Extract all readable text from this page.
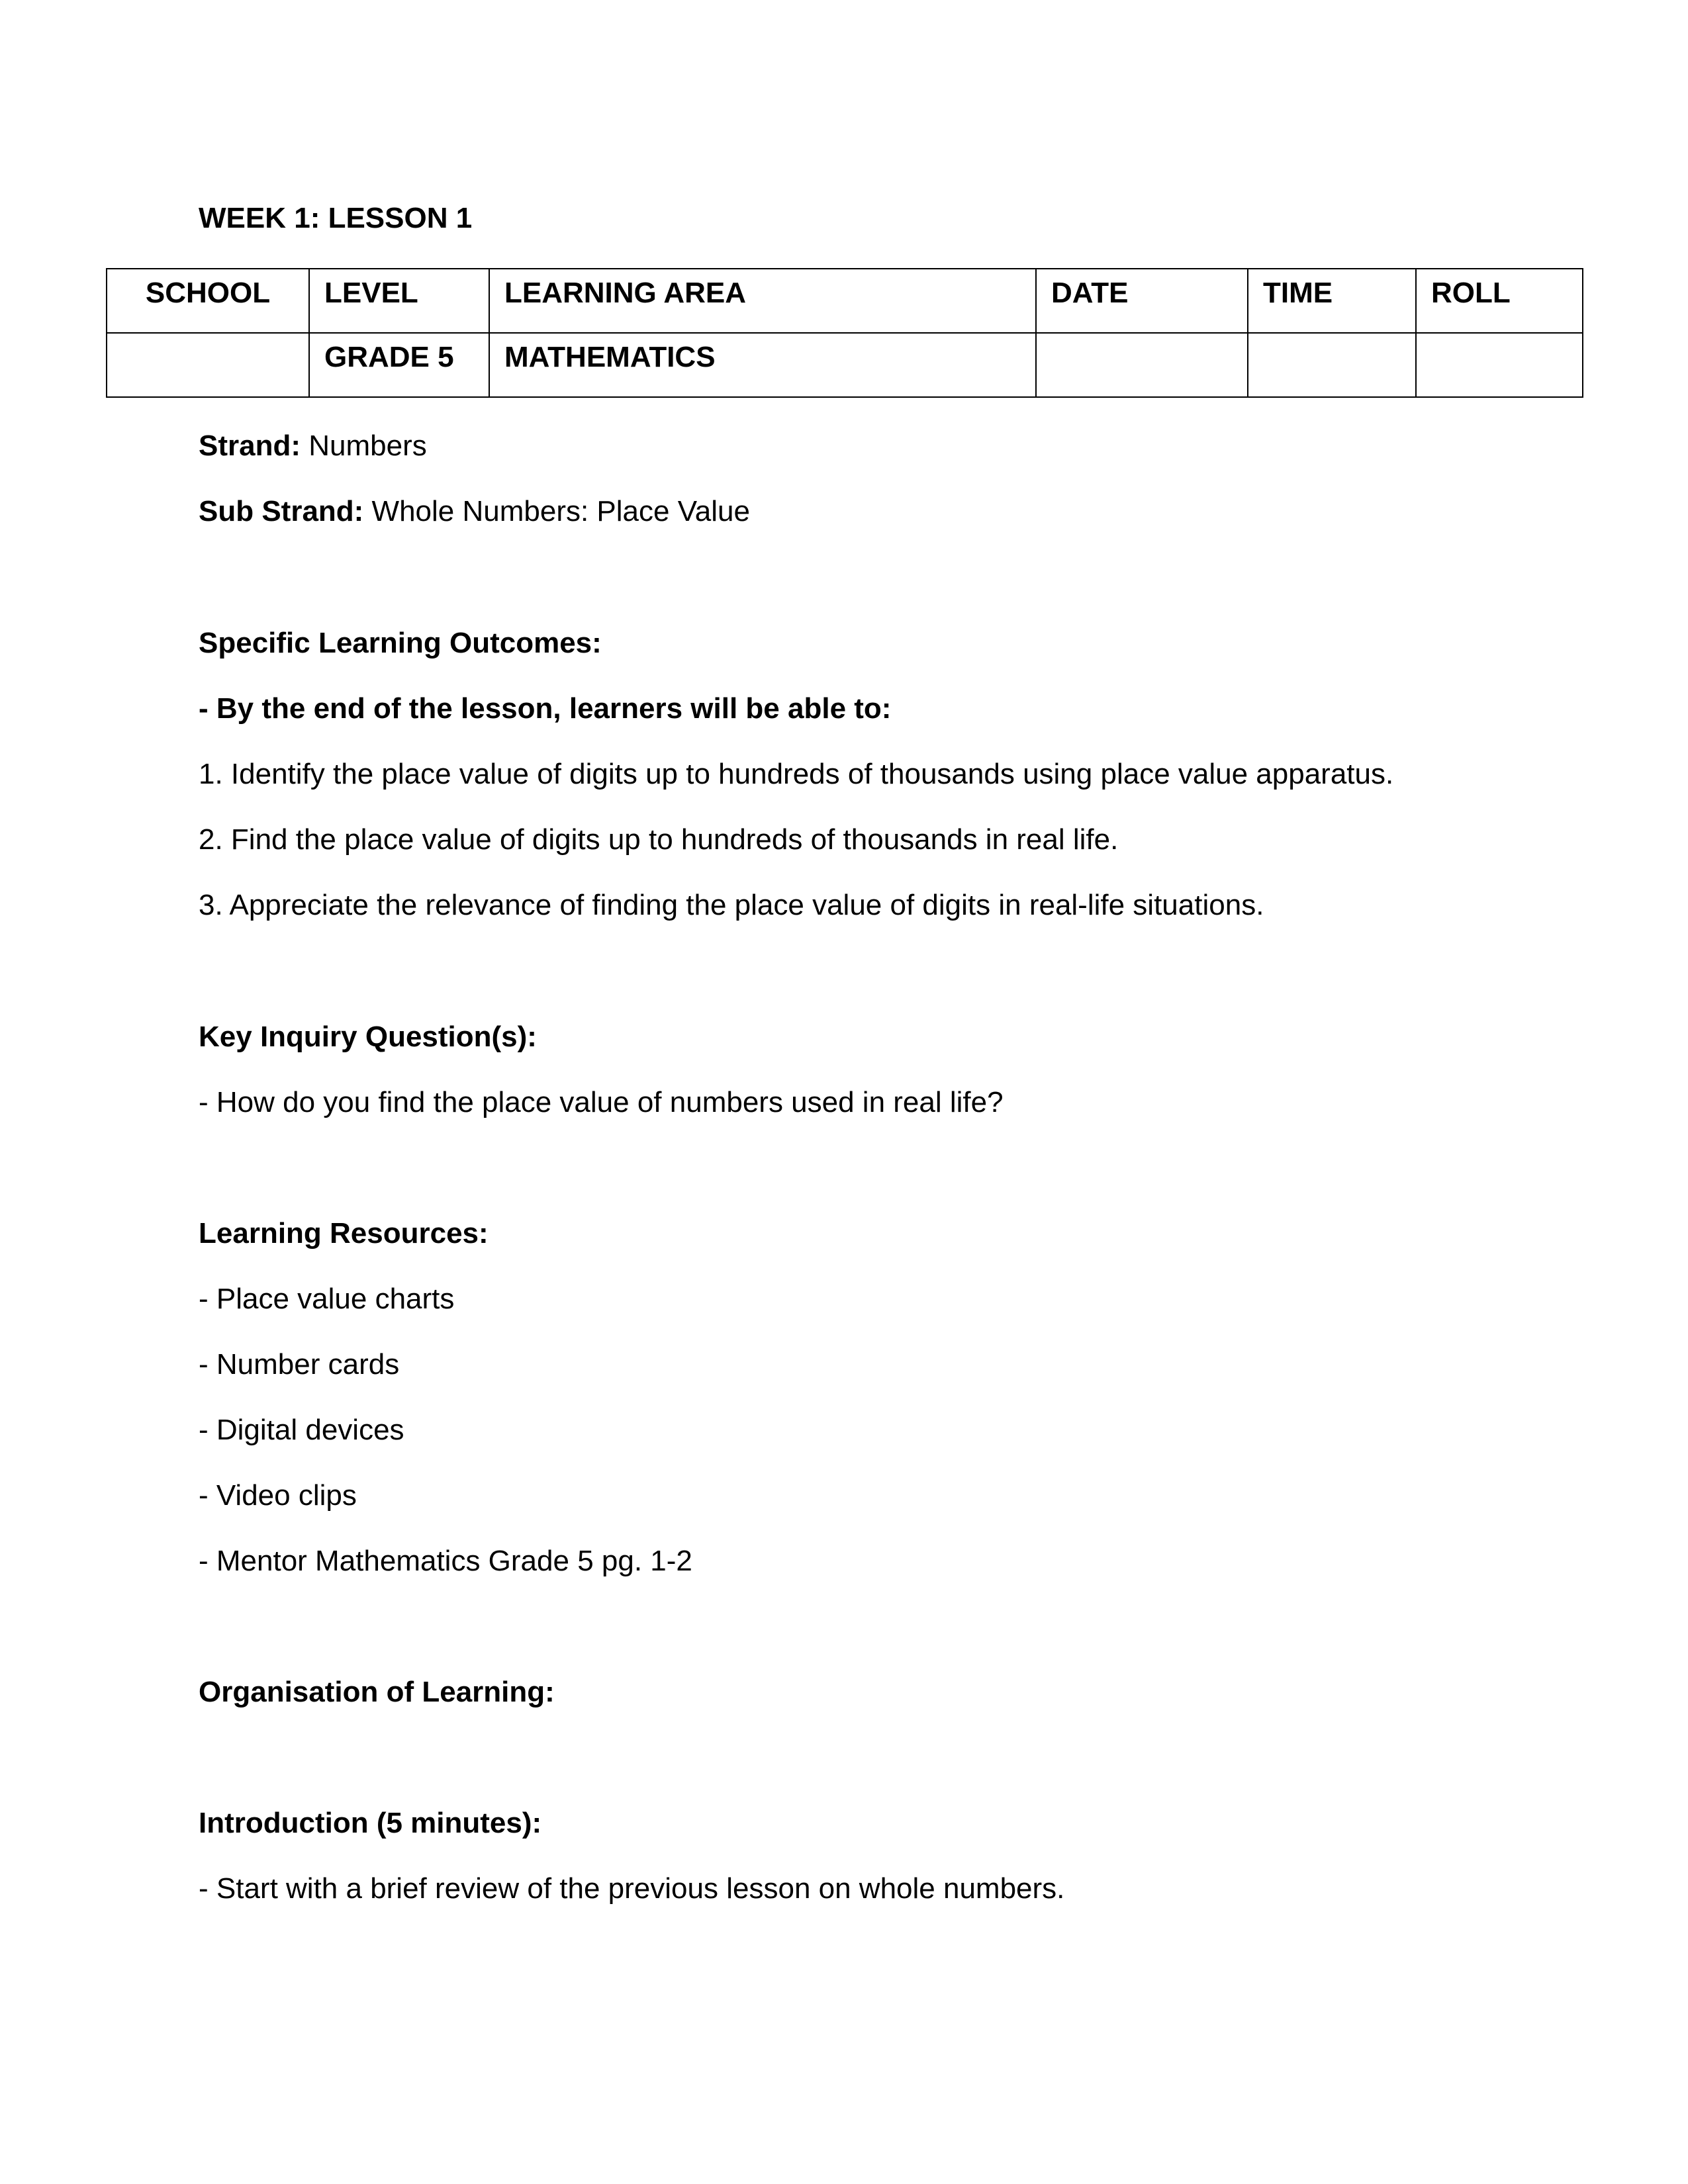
WEEK 1: LESSON 1
SCHOOL	LEVEL	LEARNING AREA	DATE	TIME	ROLL
	GRADE 5	MATHEMATICS			
Strand: Numbers
Sub Strand: Whole Numbers: Place Value
Specific Learning Outcomes:
- By the end of the lesson, learners will be able to:
1. Identify the place value of digits up to hundreds of thousands using place value apparatus.
2. Find the place value of digits up to hundreds of thousands in real life.
3. Appreciate the relevance of finding the place value of digits in real-life situations.
Key Inquiry Question(s):
- How do you find the place value of numbers used in real life?
Learning Resources:
- Place value charts
- Number cards
- Digital devices
- Video clips
- Mentor Mathematics Grade 5 pg. 1-2
Organisation of Learning:
Introduction (5 minutes):
- Start with a brief review of the previous lesson on whole numbers.
